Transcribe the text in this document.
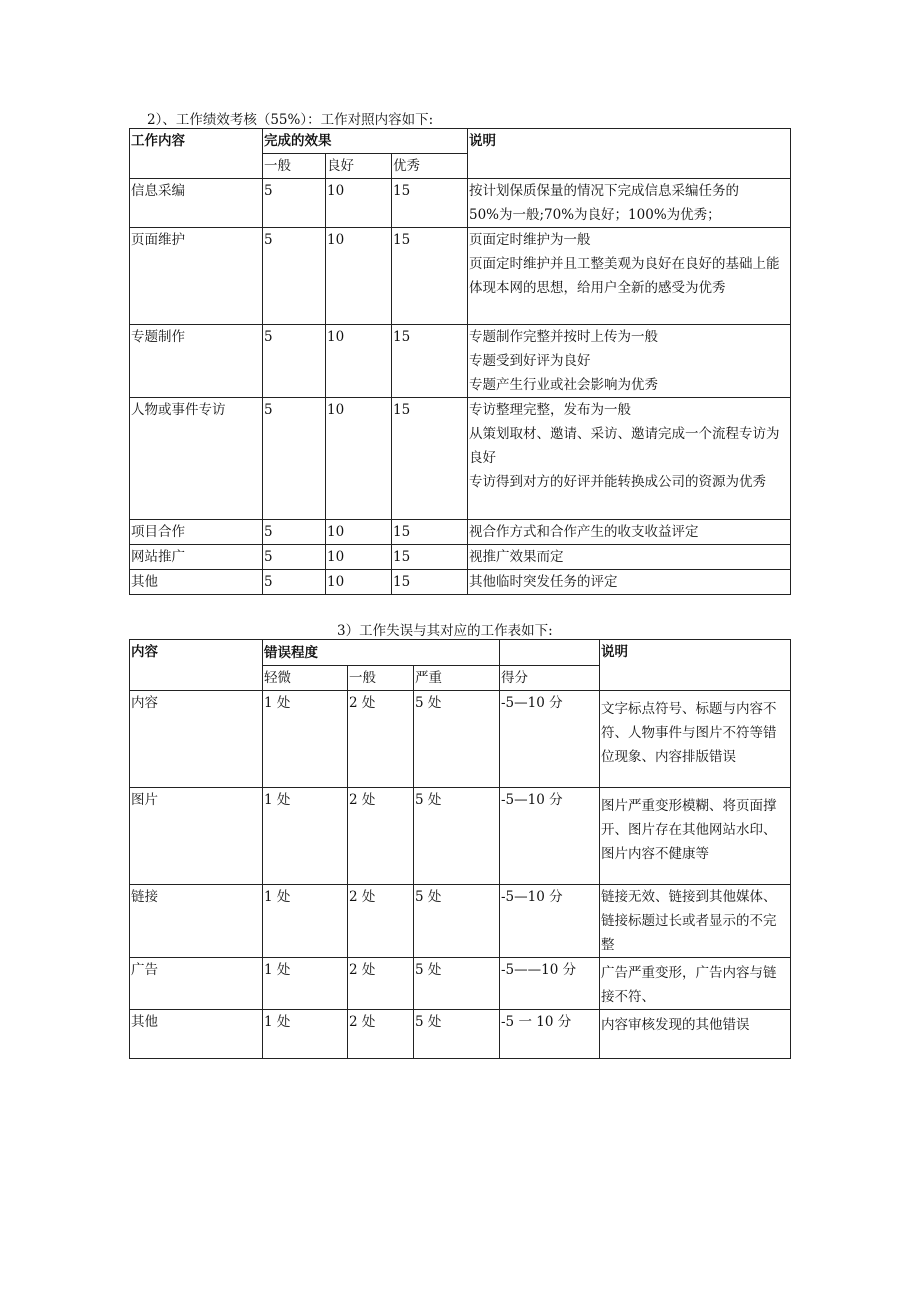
2）、工作绩效考核（55%）：工作对照内容如下:
工作内容	完成的效果			说明
	一般	良好	优秀	
信息采编	5	10	15	按计划保质保量的情况下完成信息采编任务的
50%为一般;70%为良好；100%为优秀；

页面维护	5	10	15	页面定时维护为一般
页面定时维护并且工整美观为良好在良好的基础上能体现本网的思想，给用户全新的感受为优秀

专题制作	5	10	15	专题制作完整并按时上传为一般
专题受到好评为良好
专题产生行业或社会影响为优秀

人物或事件专访	5	10	15	专访整理完整，发布为一般
从策划取材、邀请、采访、邀请完成一个流程专访为良好
专访得到对方的好评并能转换成公司的资源为优秀

项目合作	5	10	15	视合作方式和合作产生的收支收益评定
网站推广	5	10	15	视推广效果而定
其他	5	10	15	其他临时突发任务的评定
3）工作失误与其对应的工作表如下:
内容	错误程度				说明
	轻微	一般	严重	得分	
内容	1 处	2 处	5 处	-5—10 分	文字标点符号、标题与内容不符、人物事件与图片不符等错位现象、内容排版错误
图片	1 处	2 处	5 处	-5—10 分	图片严重变形模糊、将页面撑开、图片存在其他网站水印、图片内容不健康等
链接	1 处	2 处	5 处	-5—10 分	链接无效、链接到其他媒体、链接标题过长或者显示的不完整
广告	1 处	2 处	5 处	-5——10 分	广告严重变形，广告内容与链接不符、
其他	1 处	2 处	5 处	-5 一 10 分	内容审核发现的其他错误
